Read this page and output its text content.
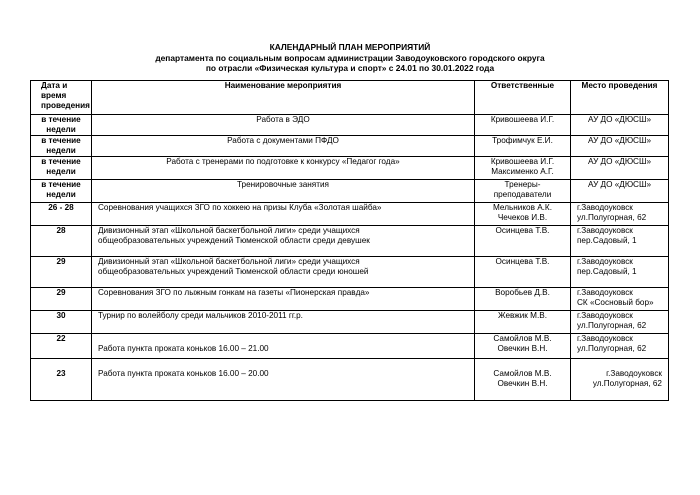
КАЛЕНДАРНЫЙ ПЛАН МЕРОПРИЯТИЙ
департамента по социальным вопросам администрации Заводоуковского городского округа
по отрасли «Физическая культура и спорт» с 24.01 по 30.01.2022 года
Дата и время проведения	Наименование мероприятия	Ответственные	Место проведения

в течение
недели	Работа в ЭДО	Кривошеева И.Г.	АУ ДО «ДЮСШ»

в течение
недели	Работа с документами ПФДО	Трофимчук Е.И.	АУ ДО «ДЮСШ»

в течение
недели	Работа с тренерами по подготовке к конкурсу «Педагог года»	Кривошеева И.Г.
Максименко А.Г.	АУ ДО «ДЮСШ»

в течение
недели	Тренировочные занятия	Тренеры-
преподаватели	АУ ДО «ДЮСШ»

26 - 28	Соревнования учащихся ЗГО по хоккею на призы Клуба «Золотая шайба»	Мельников А.К.
Чечеков И.В.	г.Заводоуковск
ул.Полугорная, 62

28	Дивизионный этап «Школьной баскетбольной лиги» среди учащихся
общеобразовательных учреждений Тюменской области среди девушек	Осинцева Т.В.	г.Заводоуковск
пер.Садовый, 1

29	Дивизионный этап «Школьной баскетбольной лиги» среди учащихся
общеобразовательных учреждений Тюменской области среди юношей	Осинцева Т.В.	г.Заводоуковск
пер.Садовый, 1

29	Соревнования ЗГО по лыжным гонкам на газеты «Пионерская правда»	Воробьев Д.В.	г.Заводоуковск
СК «Сосновый бор»

30	Турнир по волейболу среди мальчиков 2010-2011 гг.р.	Жевжик М.В.	г.Заводоуковск
ул.Полугорная, 62

22	Работа пункта проката коньков 16.00 – 21.00	Самойлов М.В.
Овечкин В.Н.	г.Заводоуковск
ул.Полугорная, 62

23	Работа пункта проката коньков 16.00 – 20.00	Самойлов М.В.
Овечкин В.Н.	г.Заводоуковск
ул.Полугорная, 62
